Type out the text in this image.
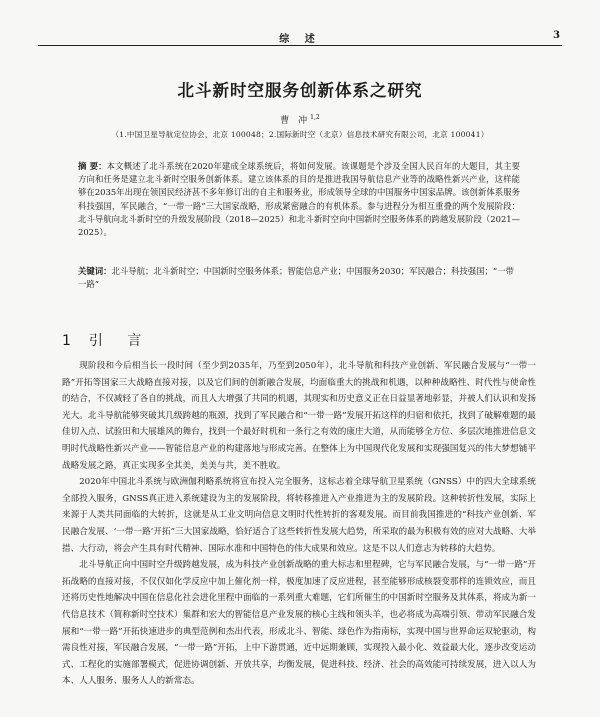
综 述	3
北斗新时空服务创新体系之研究
曹 冲$^{1,2}$
（1.中国卫星导航定位协会，北京 100048；2.国际新时空（北京）信息技术研究有限公司，北京 100041）
摘 要：本文概述了北斗系统在2020年建成全球系统后，将如何发展。该课题是个涉及全国人民百年的大题目，其主要方向和任务是建立北斗新时空服务创新体系。建立该体系的目的是推进我国导航信息产业等的战略性新兴产业，这样能够在2035年出现在领国民经济甚不多年修订出的自主和服务业，形成领导全球的中国服务中国家品牌。该创新体系服务科技强国，军民融合，“一带一路”三大国家战略，形成紧密融合的有机体系。参与进程分为相互重叠的两个发展阶段：北斗导航向北斗新时空的升级发展阶段（2018—2025）和北斗新时空向中国新时空服务体系的跨越发展阶段（2021—2025）。
关键词：北斗导航；北斗新时空；中国新时空服务体系；智能信息产业；中国服务2030；军民融合；科技强国；“一带一路”
1 引 言

现阶段和今后相当长一段时间（至少到2035年，乃至到2050年），北斗导航和科技产业创新、军民融合发展与“一带一路”开拓等国家三大战略直接对接，以及它们间的创新融合发展，均面临重大的挑战和机遇，以种种战略性、时代性与使命性的结合，不仅减轻了各自的挑战，而且人大增强了共同的机遇，其现实和历史意义正在日益显著地彰显，并被人们认识和发扬光大。北斗导航能够突破其几级跨越的瓶颈，找到了军民融合和“一带一路”发展开拓这样的归宿和依托，找到了破解难题的最佳切入点、试验田和大展雄风的舞台，找到一个最好时机和一条行之有效的康庄大道，从而能够全方位、多层次地推进信息文明时代战略性新兴产业——智能信息产业的构建落地与形成完善。在整体上为中国现代化发展和实现强国复兴的伟大梦想铺平战略发展之路，真正实现多全其美，美美与共，美不胜收。

2020年中国北斗系统与欧洲伽利略系统将宣布投入完全服务，这标志着全球导航卫星系统（GNSS）中的四大全球系统全部投入服务，GNSS真正进入系统建设为主的发展阶段，将转移推进入产业推进为主的发展阶段。这种转折性发展，实际上来源于人类共同面临的大转折，这就是从工业文明向信息文明时代性转折的客观发展。而目前我国推进的“科技产业创新、军民融合发展、‘一带一路’开拓”三大国家战略，恰好适合了这些转折性发展大趋势，所采取的最为积极有效的应对大战略、大举措、大行动，将会产生具有时代精神、国际水准和中国特色的伟大成果和效应。这是不以人们意志为转移的大趋势。

北斗导航正向中国时空升级跨越发展，成为科技产业创新战略的重大标志和里程碑，它与军民融合发展，与“一带一路”开拓战略的直接对接，不仅仅如化学反应中加上催化剂一样，极度加速了反应进程，甚至能够形成核裂变那样的连锁效应，而且还将历史性地解决中国在信息化社会进化里程中面临的一系列重大难题，它们所催生的中国新时空服务及其体系，将成为新一代信息技术（简称新时空技术）集群和宏大的智能信息产业发展的核心主线和领头羊，也必将成为高端引领、带动军民融合发展和“一带一路”开拓快速进步的典型范例和杰出代表，形成北斗、智能、绿色作为指南标，实现中国与世界命运双轮驱动，构需良性对接，军民融合发展，“一带一路”开拓，上中下游贯通，近中远期兼顾，实现投入最小化、效益最大化，逐步改变运动式、工程化的实施部署模式，促进协调创新、开放共享，均衡发展，促进科技、经济、社会的高效能可持续发展，进入以人为本、人人服务、服务人人的新常态。
